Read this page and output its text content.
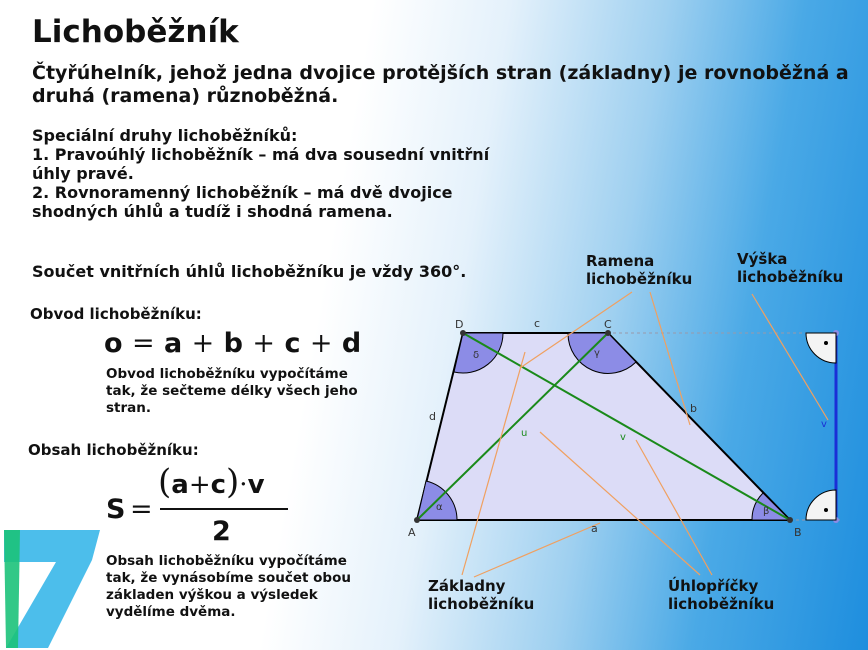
Lichoběžník
Čtyřúhelník, jehož jedna dvojice protějších stran (základny) je rovnoběžná a druhá (ramena) různoběžná.
Speciální druhy lichoběžníků:
1. Pravoúhlý lichoběžník – má dva sousední vnitřní úhly pravé.
2. Rovnoramenný lichoběžník – má dvě dvojice shodných úhlů a tudíž i shodná ramena.
Součet vnitřních úhlů lichoběžníku je vždy 360°.
Obvod lichoběžníku:
o = a + b + c + d
Obvod lichoběžníku vypočítáme tak, že sečteme délky všech jeho stran.
Obsah lichoběžníku:
S =
(a+c)·v
2
Obsah lichoběžníku vypočítáme tak, že vynásobíme součet obou základen výškou a výsledek vydělíme dvěma.
Ramena lichoběžníku
Výška lichoběžníku
Základny lichoběžníku
Úhlopříčky lichoběžníku
A	B
C
D
a
b
c
d
α	β
γ
δ
u	v
v
